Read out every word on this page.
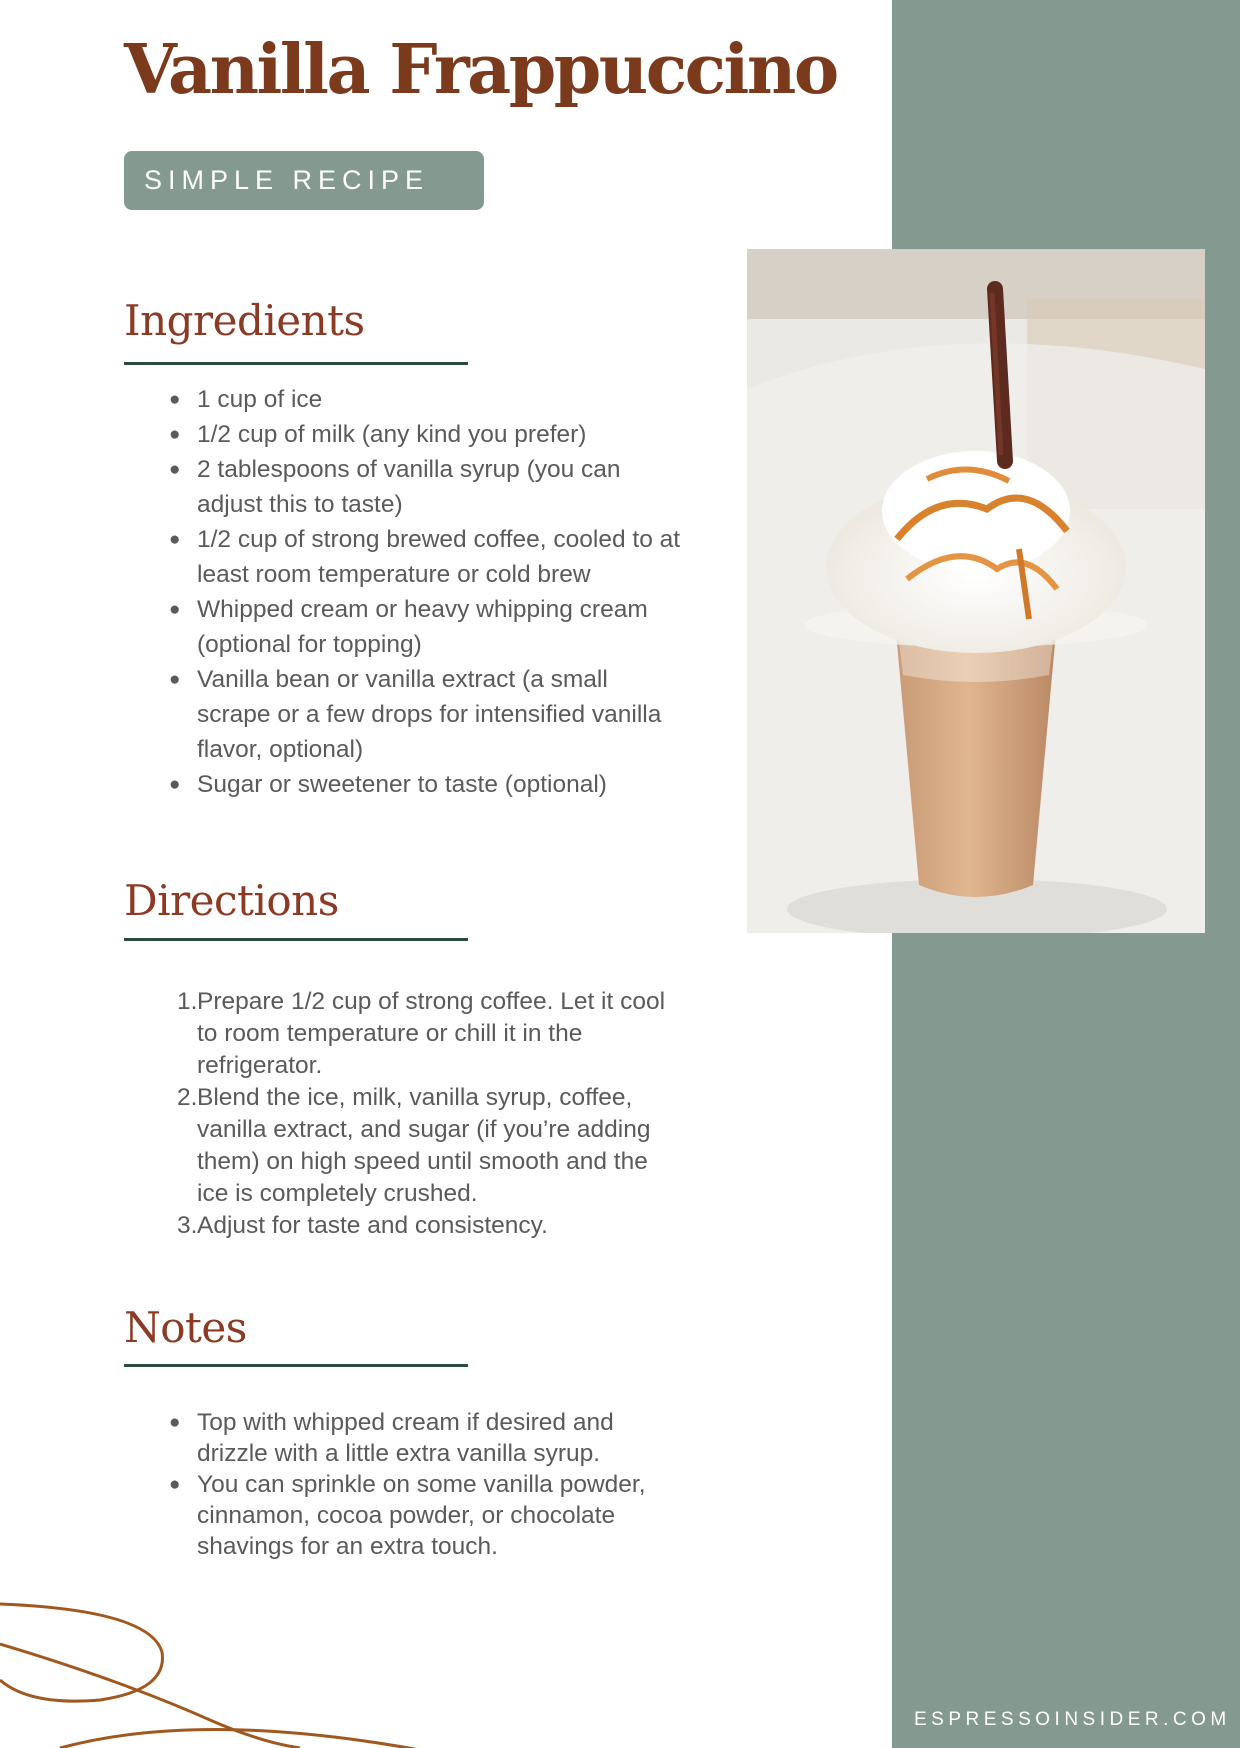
Vanilla Frappuccino
SIMPLE RECIPE
Ingredients
● 1 cup of ice
● 1/2 cup of milk (any kind you prefer)
● 2 tablespoons of vanilla syrup (you can adjust this to taste)
● 1/2 cup of strong brewed coffee, cooled to at least room temperature or cold brew
● Whipped cream or heavy whipping cream (optional for topping)
● Vanilla bean or vanilla extract (a small scrape or a few drops for intensified vanilla flavor, optional)
● Sugar or sweetener to taste (optional)
Directions
1. Prepare 1/2 cup of strong coffee. Let it cool to room temperature or chill it in the refrigerator.
2. Blend the ice, milk, vanilla syrup, coffee, vanilla extract, and sugar (if you’re adding them) on high speed until smooth and the ice is completely crushed.
3. Adjust for taste and consistency.
Notes
● Top with whipped cream if desired and drizzle with a little extra vanilla syrup.
● You can sprinkle on some vanilla powder, cinnamon, cocoa powder, or chocolate shavings for an extra touch.
ESPRESSOINSIDER.COM
